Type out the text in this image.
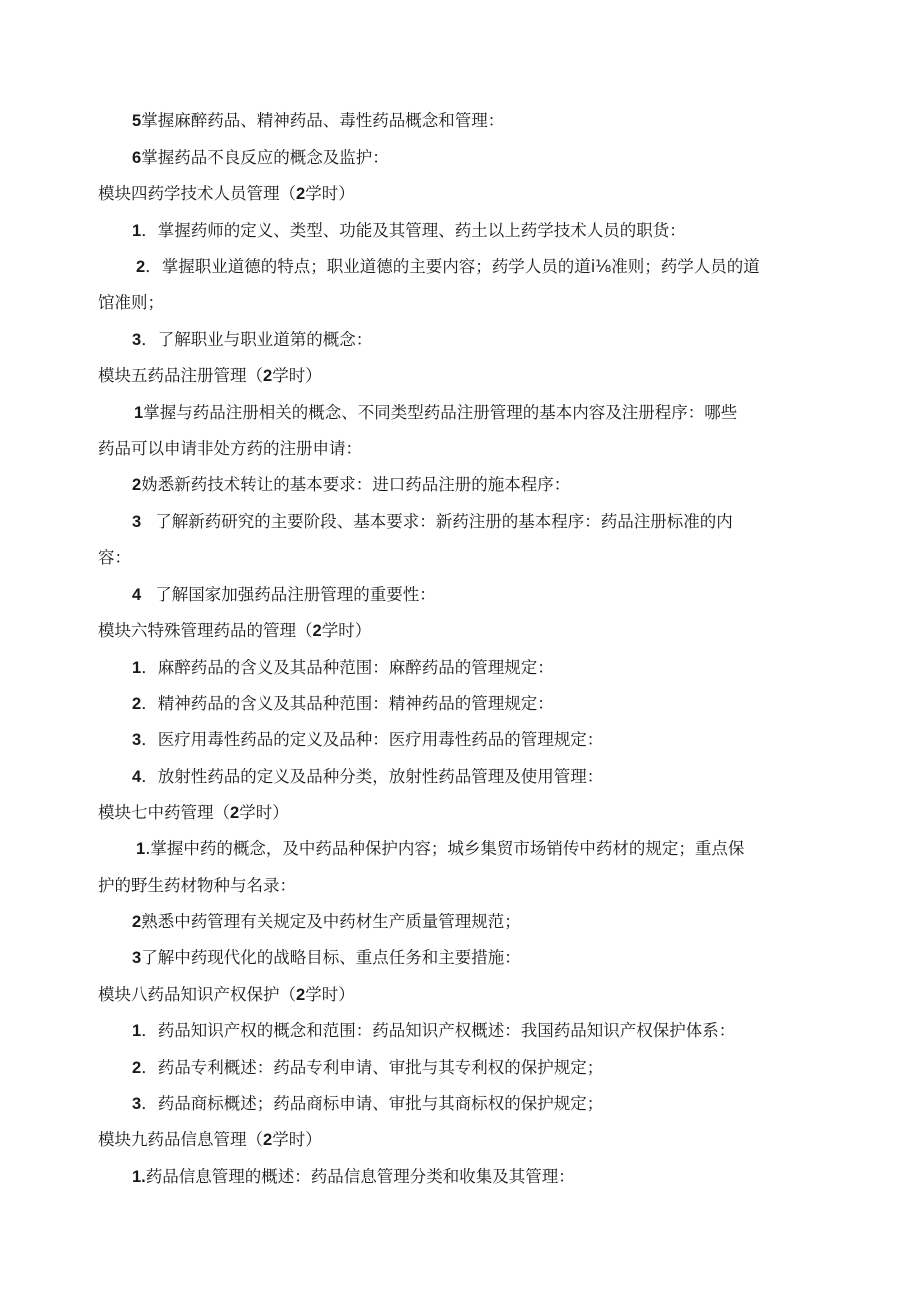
5掌握麻醉药品、精神药品、毒性药品概念和管理：
6掌握药品不良反应的概念及监护：
模块四药学技术人员管理（2学时）
1．掌握药师的定义、类型、功能及其管理、药土以上药学技术人员的职货：
2．掌握职业道德的特点；职业道德的主要内容；药学人员的道i⅛准则；药学人员的道
馆准则；
3．了解职业与职业道第的概念：
模块五药品注册管理（2学时）
1掌握与药品注册相关的概念、不同类型药品注册管理的基本内容及注册程序：哪些
药品可以申请非处方药的注册申请：
2妫悉新药技术转让的基本要求：进口药品注册的施本程序：
3 了解新药研究的主要阶段、基本要求：新药注册的基本程序：药品注册标准的内
容：
4 了解国家加强药品注册管理的重要性：
模块六特殊管理药品的管理（2学时）
1．麻醉药品的含义及其品种范围：麻醉药品的管理规定：
2．精神药品的含义及其品种范围：精神药品的管理规定：
3．医疗用毒性药品的定义及品种：医疗用毒性药品的管理规定：
4．放射性药品的定义及品种分类，放射性药品管理及使用管理：
模块七中药管理（2学时）
1.掌握中药的概念，及中药品种保护内容；城乡集贸市场销传中药材的规定；重点保
护的野生药材物种与名录：
2熟悉中药管理有关规定及中药材生产质量管理规范；
3了解中药现代化的战略目标、重点任务和主要措施：
模块八药品知识产权保护（2学时）
1．药品知识产权的概念和范围：药品知识产权概述：我国药品知识产权保护体系：
2．药品专利概述：药品专利申请、审批与其专利权的保护规定；
3．药品商标概述；药品商标申请、审批与其商标权的保护规定；
模块九药品信息管理（2学时）
1.药品信息管理的概述：药品信息管理分类和收集及其管理：
